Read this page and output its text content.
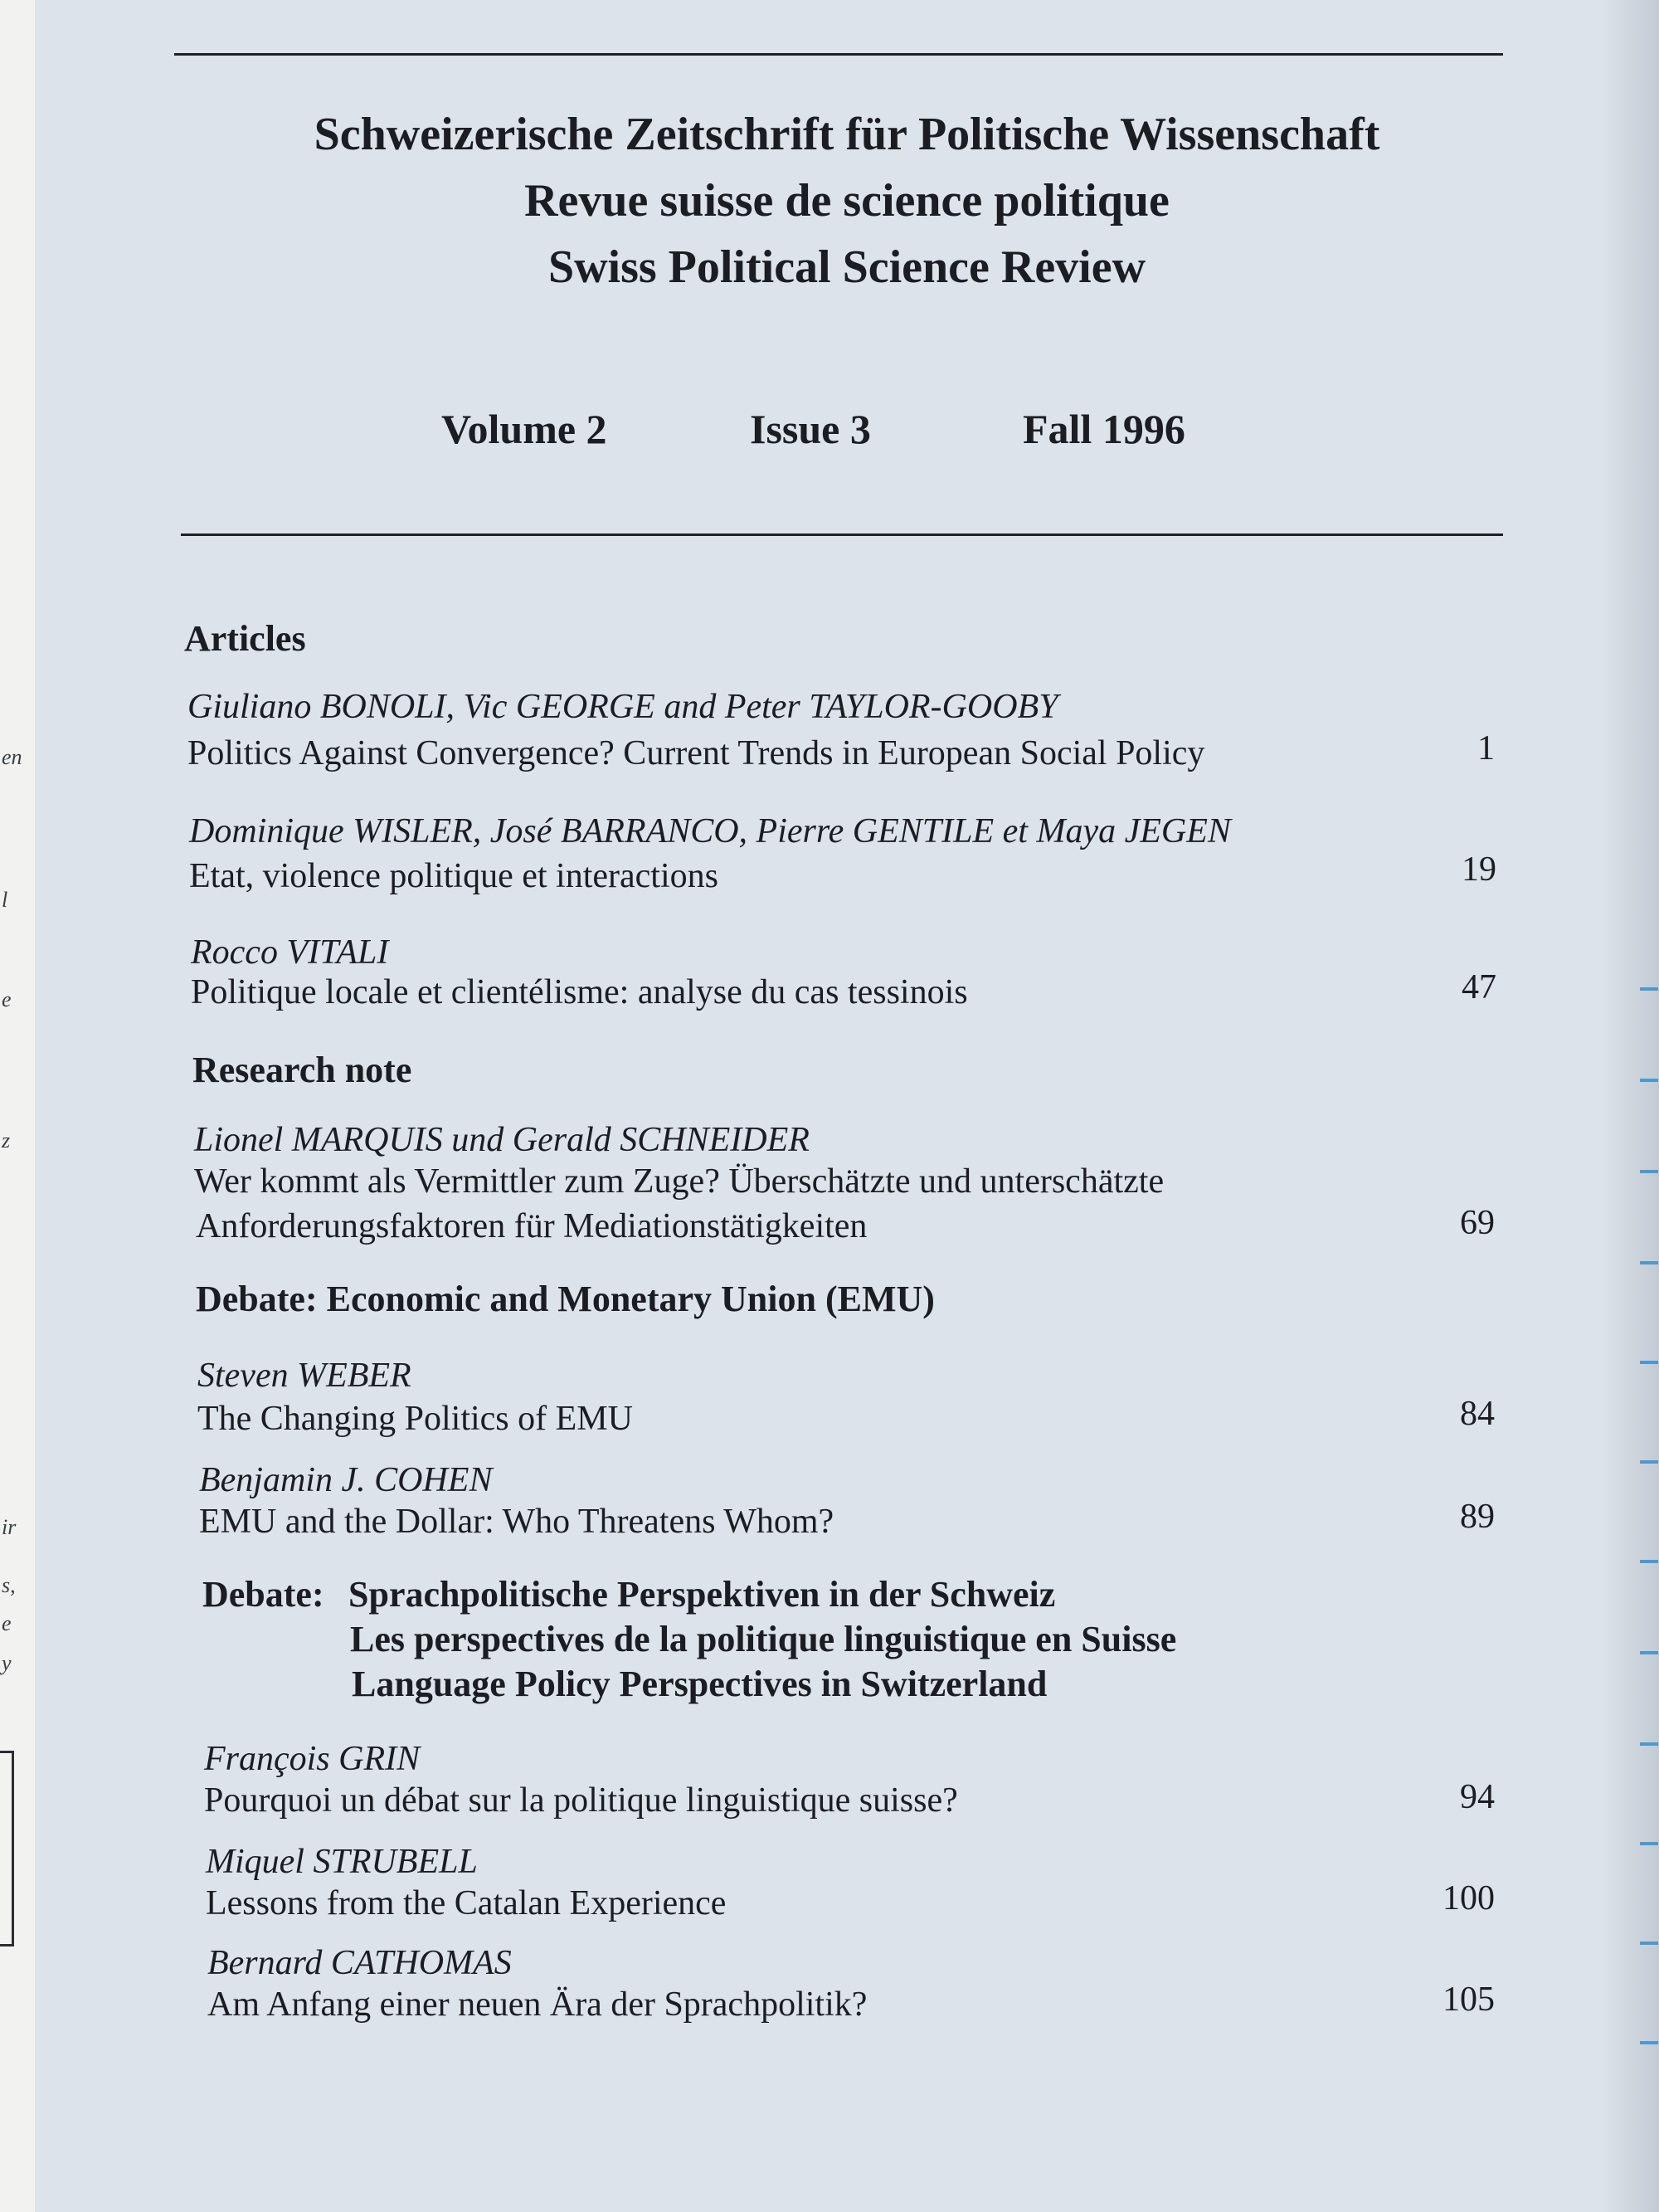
en
l
e
z
ir
s,
e
y
Schweizerische Zeitschrift für Politische Wissenschaft
Revue suisse de science politique
Swiss Political Science Review
Volume 2	Issue 3	Fall 1996
Articles
Giuliano BONOLI, Vic GEORGE and Peter TAYLOR-GOOBY
Politics Against Convergence? Current Trends in European Social Policy	1
Dominique WISLER, José BARRANCO, Pierre GENTILE et Maya JEGEN
Etat, violence politique et interactions	19
Rocco VITALI
Politique locale et clientélisme: analyse du cas tessinois	47
Research note
Lionel MARQUIS und Gerald SCHNEIDER
Wer kommt als Vermittler zum Zuge? Überschätzte und unterschätzte
Anforderungsfaktoren für Mediationstätigkeiten	69
Debate: Economic and Monetary Union (EMU)
Steven WEBER
The Changing Politics of EMU	84
Benjamin J. COHEN
EMU and the Dollar: Who Threatens Whom?	89
Debate: Sprachpolitische Perspektiven in der Schweiz
Les perspectives de la politique linguistique en Suisse
Language Policy Perspectives in Switzerland
François GRIN
Pourquoi un débat sur la politique linguistique suisse?	94
Miquel STRUBELL
Lessons from the Catalan Experience	100
Bernard CATHOMAS
Am Anfang einer neuen Ära der Sprachpolitik?	105
